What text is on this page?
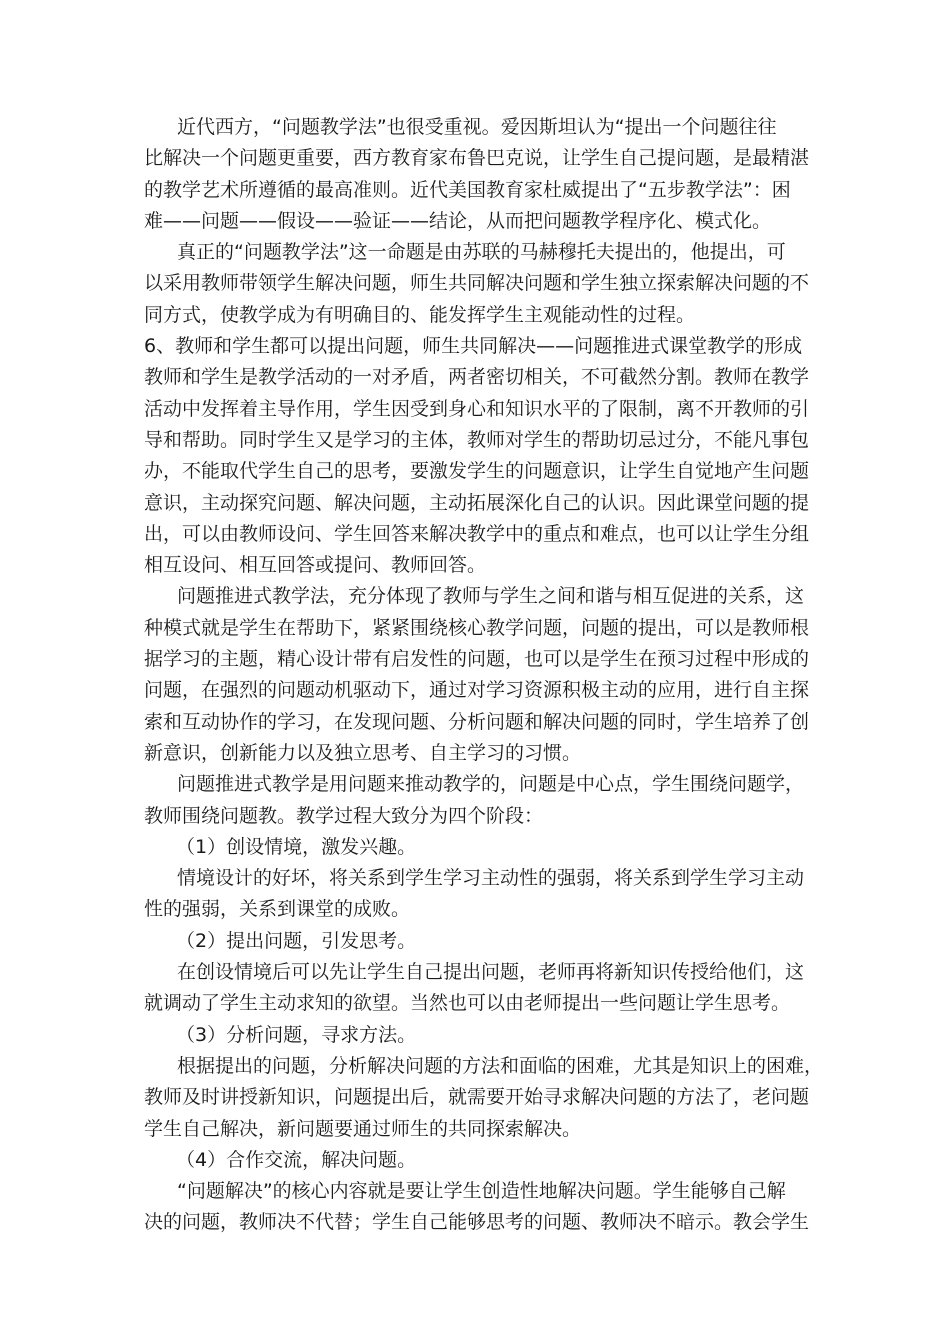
近代西方，“问题教学法”也很受重视。爱因斯坦认为“提出一个问题往往
比解决一个问题更重要，西方教育家布鲁巴克说，让学生自己提问题，是最精湛
的教学艺术所遵循的最高准则。近代美国教育家杜威提出了“五步教学法”：困
难——问题——假设——验证——结论，从而把问题教学程序化、模式化。
真正的“问题教学法”这一命题是由苏联的马赫穆托夫提出的，他提出，可
以采用教师带领学生解决问题，师生共同解决问题和学生独立探索解决问题的不
同方式，使教学成为有明确目的、能发挥学生主观能动性的过程。
6、教师和学生都可以提出问题，师生共同解决——问题推进式课堂教学的形成
教师和学生是教学活动的一对矛盾，两者密切相关，不可截然分割。教师在教学
活动中发挥着主导作用，学生因受到身心和知识水平的了限制，离不开教师的引
导和帮助。同时学生又是学习的主体，教师对学生的帮助切忌过分，不能凡事包
办，不能取代学生自己的思考，要激发学生的问题意识，让学生自觉地产生问题
意识，主动探究问题、解决问题，主动拓展深化自己的认识。因此课堂问题的提
出，可以由教师设问、学生回答来解决教学中的重点和难点，也可以让学生分组
相互设问、相互回答或提问、教师回答。
问题推进式教学法，充分体现了教师与学生之间和谐与相互促进的关系，这
种模式就是学生在帮助下，紧紧围绕核心教学问题，问题的提出，可以是教师根
据学习的主题，精心设计带有启发性的问题，也可以是学生在预习过程中形成的
问题，在强烈的问题动机驱动下，通过对学习资源积极主动的应用，进行自主探
索和互动协作的学习，在发现问题、分析问题和解决问题的同时，学生培养了创
新意识，创新能力以及独立思考、自主学习的习惯。
问题推进式教学是用问题来推动教学的，问题是中心点，学生围绕问题学，
教师围绕问题教。教学过程大致分为四个阶段：
（1）创设情境，激发兴趣。
情境设计的好坏，将关系到学生学习主动性的强弱，将关系到学生学习主动
性的强弱，关系到课堂的成败。
（2）提出问题，引发思考。
在创设情境后可以先让学生自己提出问题，老师再将新知识传授给他们，这
就调动了学生主动求知的欲望。当然也可以由老师提出一些问题让学生思考。
（3）分析问题，寻求方法。
根据提出的问题，分析解决问题的方法和面临的困难，尤其是知识上的困难，
教师及时讲授新知识，问题提出后，就需要开始寻求解决问题的方法了，老问题
学生自己解决，新问题要通过师生的共同探索解决。
（4）合作交流，解决问题。
“问题解决”的核心内容就是要让学生创造性地解决问题。学生能够自己解
决的问题，教师决不代替；学生自己能够思考的问题、教师决不暗示。教会学生
